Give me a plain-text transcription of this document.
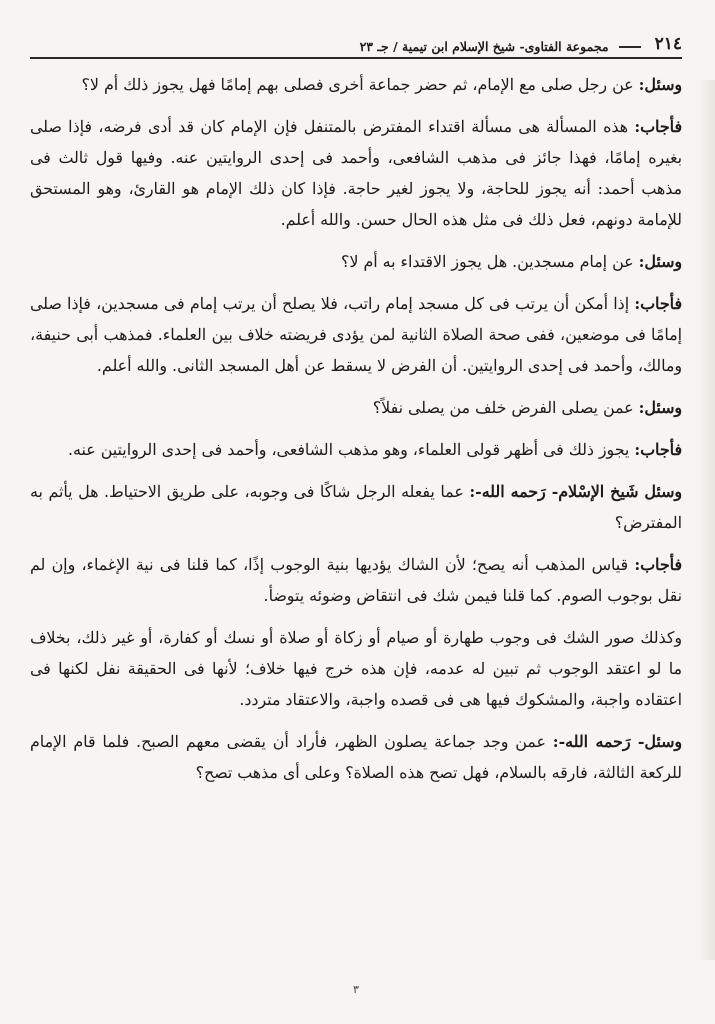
٢١٤
مجموعة الفتاوى- شيخ الإسلام ابن تيمية / جـ ٢٣

وسئل: عن رجل صلى مع الإمام، ثم حضر جماعة أخرى فصلى بهم إمامًا فهل يجوز ذلك أم لا؟

فأجاب: هذه المسألة هى مسألة اقتداء المفترض بالمتنفل فإن الإمام كان قد أدى فرضه، فإذا صلى بغيره إمامًا، فهذا جائز فى مذهب الشافعى، وأحمد فى إحدى الروايتين عنه. وفيها قول ثالث فى مذهب أحمد: أنه يجوز للحاجة، ولا يجوز لغير حاجة. فإذا كان ذلك الإمام هو القارئ، وهو المستحق للإمامة دونهم، فعل ذلك فى مثل هذه الحال حسن. والله أعلم.

وسئل: عن إمام مسجدين. هل يجوز الاقتداء به أم لا؟

فأجاب: إذا أمكن أن يرتب فى كل مسجد إمام راتب، فلا يصلح أن يرتب إمام فى مسجدين، فإذا صلى إمامًا فى موضعين، ففى صحة الصلاة الثانية لمن يؤدى فريضته خلاف بين العلماء. فمذهب أبى حنيفة، ومالك، وأحمد فى إحدى الروايتين. أن الفرض لا يسقط عن أهل المسجد الثانى. والله أعلم.

وسئل: عمن يصلى الفرض خلف من يصلى نفلاً؟

فأجاب: يجوز ذلك فى أظهر قولى العلماء، وهو مذهب الشافعى، وأحمد فى إحدى الروايتين عنه.

وسئل شَيخ الإسْلام- رَحمه الله-: عما يفعله الرجل شاكًا فى وجوبه، على طريق الاحتياط. هل يأثم به المفترض؟

فأجاب: قياس المذهب أنه يصح؛ لأن الشاك يؤديها بنية الوجوب إذًا، كما قلنا فى نية الإغماء، وإن لم نقل بوجوب الصوم. كما قلنا فيمن شك فى انتقاض وضوئه يتوضأ.

وكذلك صور الشك فى وجوب طهارة أو صيام أو زكاة أو صلاة أو نسك أو كفارة، أو غير ذلك، بخلاف ما لو اعتقد الوجوب ثم تبين له عدمه، فإن هذه خرج فيها خلاف؛ لأنها فى الحقيقة نفل لكنها فى اعتقاده واجبة، والمشكوك فيها هى فى قصده واجبة، والاعتقاد متردد.

وسئل- رَحمه الله-: عمن وجد جماعة يصلون الظهر، فأراد أن يقضى معهم الصبح. فلما قام الإمام للركعة الثالثة، فارقه بالسلام، فهل تصح هذه الصلاة؟ وعلى أى مذهب تصح؟

٣
